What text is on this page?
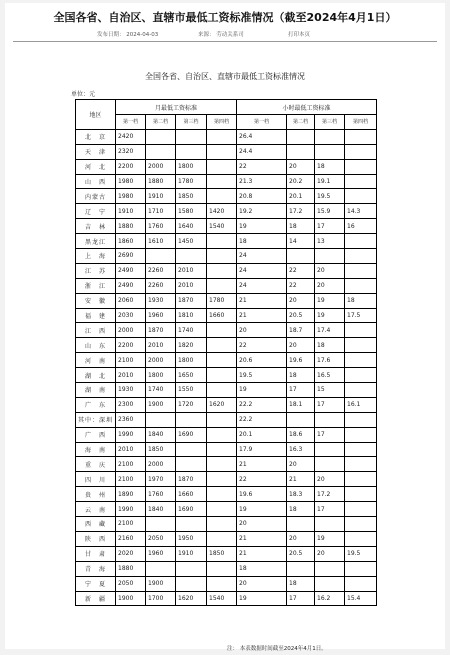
全国各省、自治区、直辖市最低工资标准情况（截至2024年4月1日）
发布日期： 2024-04-03	来源： 劳动关系司	打印本页
全国各省、自治区、直辖市最低工资标准情况
单位：元
地区	月最低工资标准				小时最低工资标准			
	第一档	第二档	第三档	第四档	第一档	第二档	第三档	第四档
北　京	2420				26.4			
天　津	2320				24.4			
河　北	2200	2000	1800		22	20	18	
山　西	1980	1880	1780		21.3	20.2	19.1	
内蒙古	1980	1910	1850		20.8	20.1	19.5	
辽　宁	1910	1710	1580	1420	19.2	17.2	15.9	14.3
吉　林	1880	1760	1640	1540	19	18	17	16
黑龙江	1860	1610	1450		18	14	13	
上　海	2690				24			
江　苏	2490	2260	2010		24	22	20	
浙　江	2490	2260	2010		24	22	20	
安　徽	2060	1930	1870	1780	21	20	19	18
福　建	2030	1960	1810	1660	21	20.5	19	17.5
江　西	2000	1870	1740		20	18.7	17.4	
山　东	2200	2010	1820		22	20	18	
河　南	2100	2000	1800		20.6	19.6	17.6	
湖　北	2010	1800	1650		19.5	18	16.5	
湖　南	1930	1740	1550		19	17	15	
广　东	2300	1900	1720	1620	22.2	18.1	17	16.1
其中：深圳	2360				22.2			
广　西	1990	1840	1690		20.1	18.6	17	
海　南	2010	1850			17.9	16.3		
重　庆	2100	2000			21	20		
四　川	2100	1970	1870		22	21	20	
贵　州	1890	1760	1660		19.6	18.3	17.2	
云　南	1990	1840	1690		19	18	17	
西　藏	2100				20			
陕　西	2160	2050	1950		21	20	19	
甘　肃	2020	1960	1910	1850	21	20.5	20	19.5
青　海	1880				18			
宁　夏	2050	1900			20	18		
新　疆	1900	1700	1620	1540	19	17	16.2	15.4
注： 本表数据时间截至2024年4月1日。
